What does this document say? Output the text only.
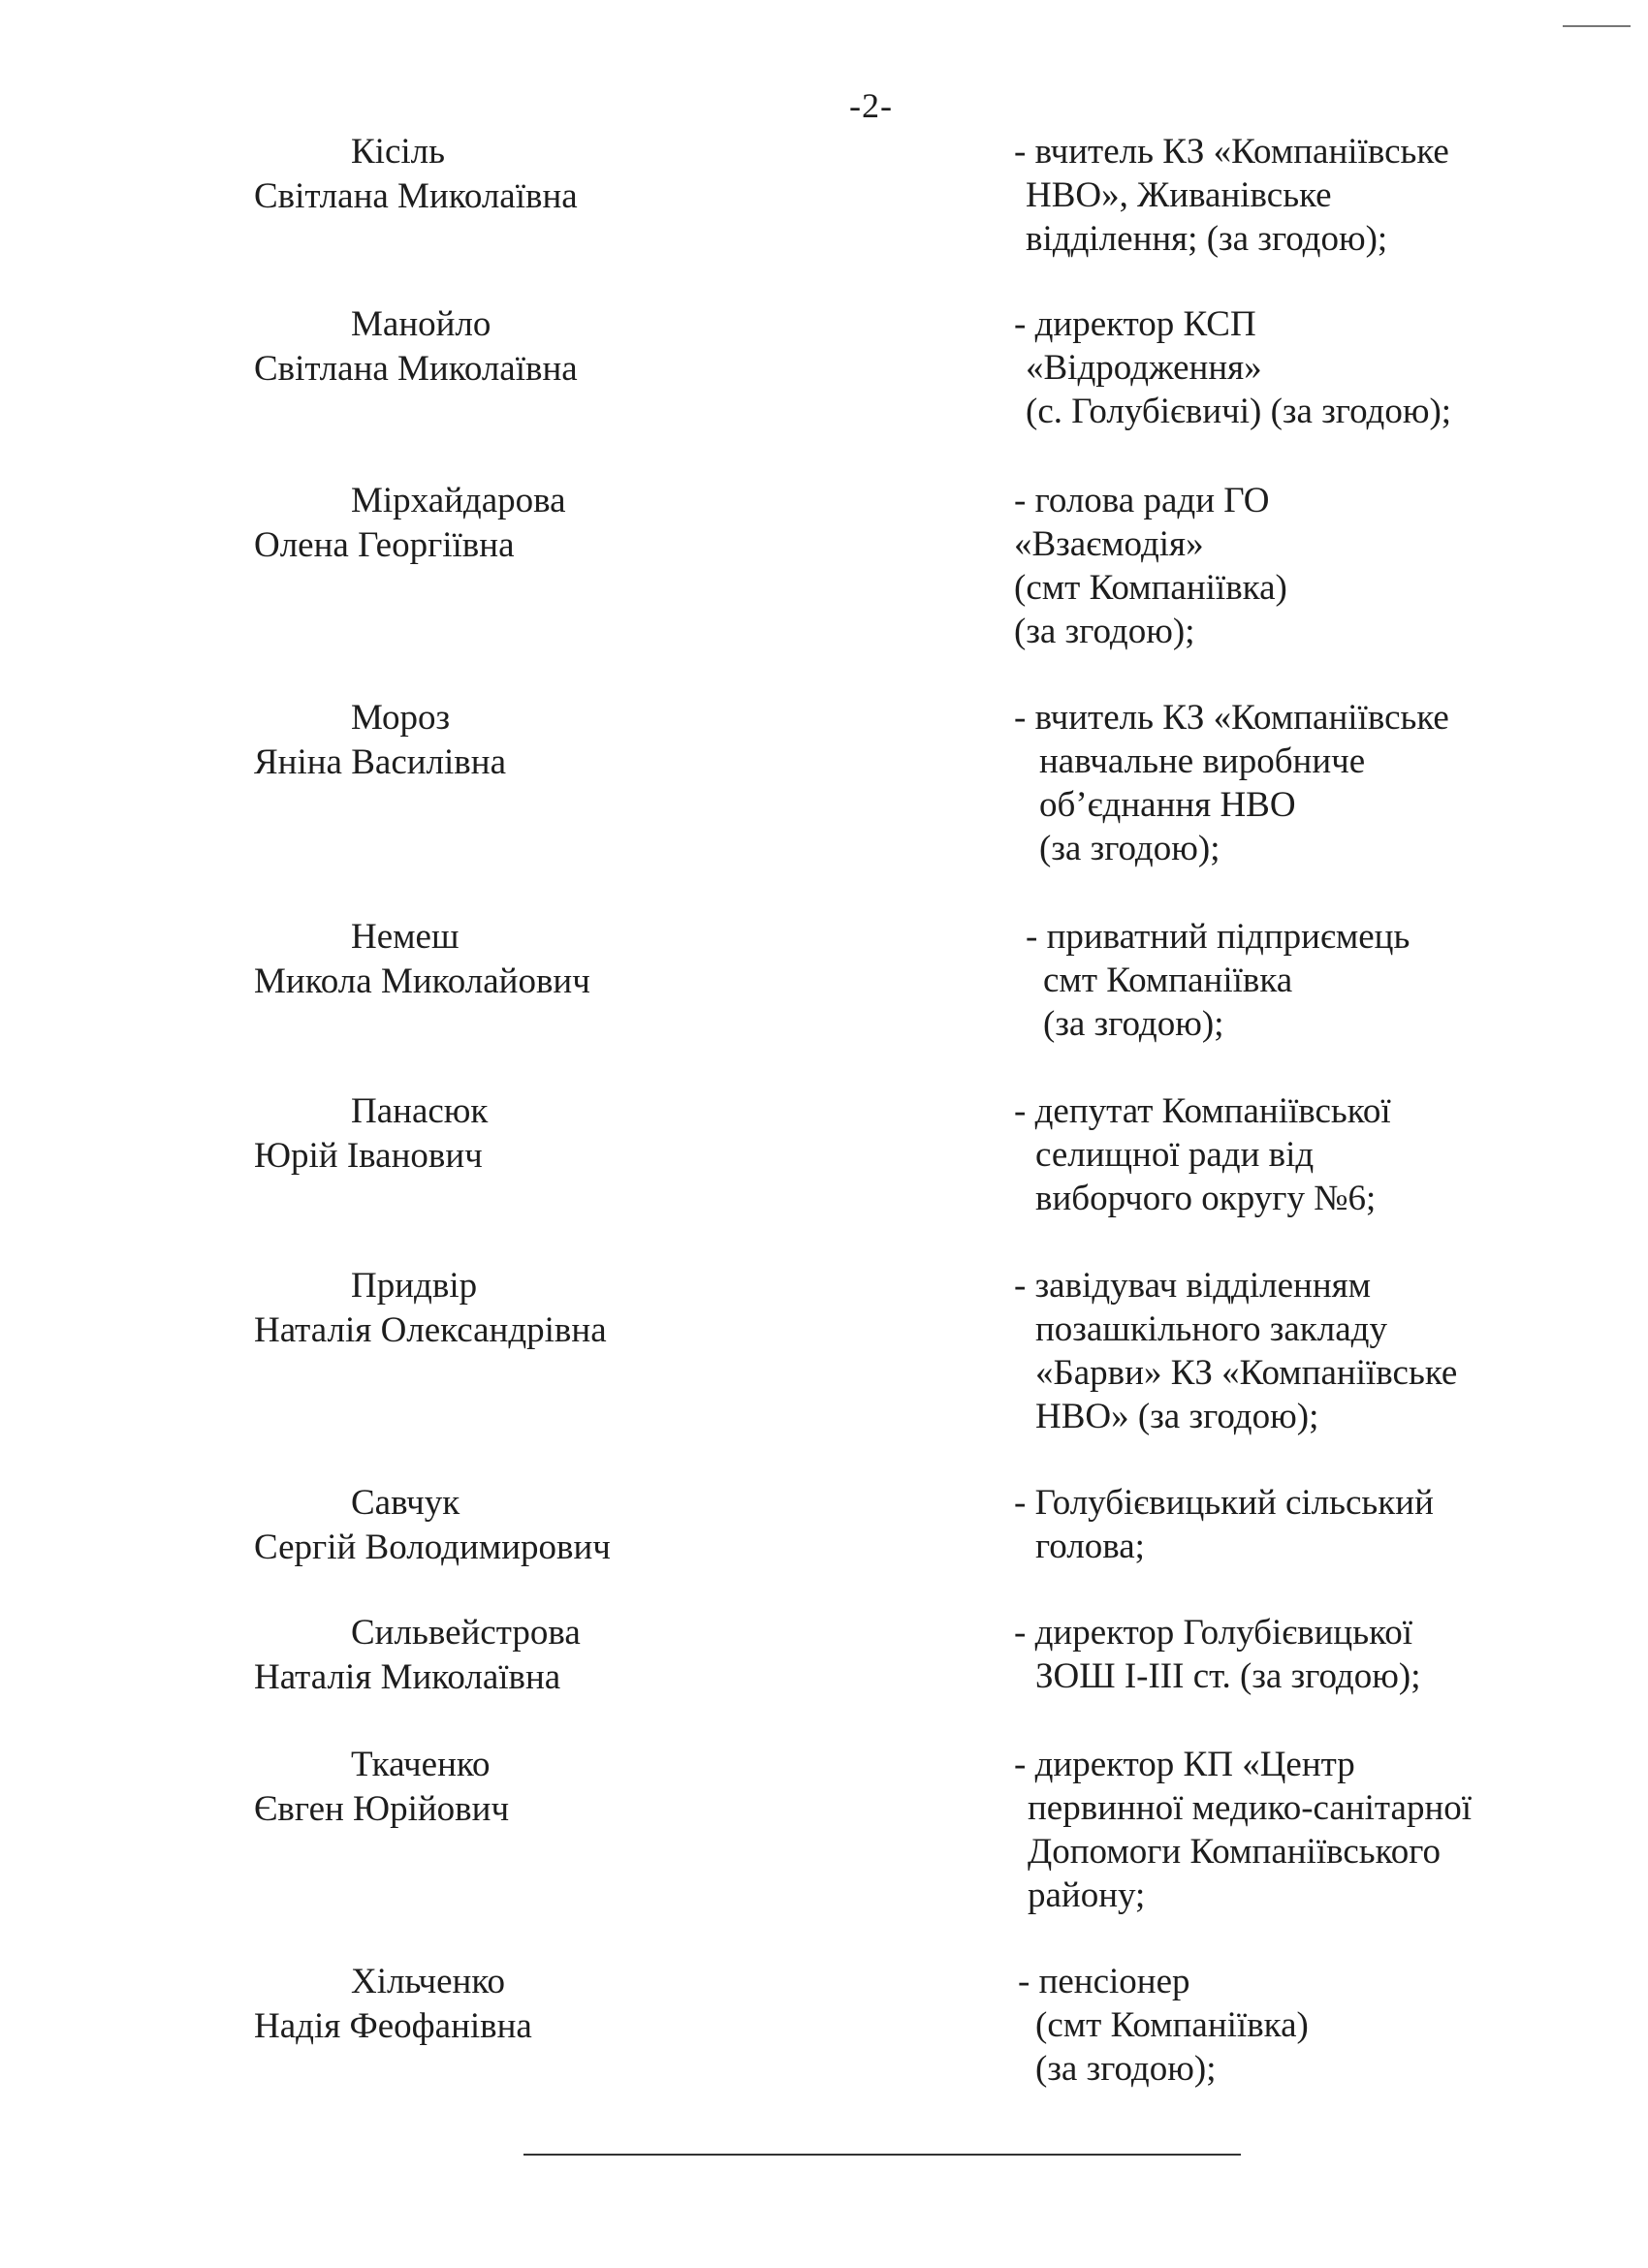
-2-
Кісіль
Світлана Миколаївна
- вчитель КЗ «Компаніївське
НВО», Живанівське
відділення; (за згодою);
Манойло
Світлана Миколаївна
- директор КСП
«Відродження»
(с. Голубієвичі) (за згодою);
Мірхайдарова
Олена Георгіївна
- голова ради ГО
«Взаємодія»
(смт Компаніївка)
(за згодою);
Мороз
Яніна Василівна
- вчитель КЗ «Компаніївське
навчальне виробниче
об’єднання НВО
(за згодою);
Немеш
Микола Миколайович
- приватний підприємець
смт Компаніївка
(за згодою);
Панасюк
Юрій Іванович
- депутат Компаніївської
селищної ради від
виборчого округу №6;
Придвір
Наталія Олександрівна
- завідувач відділенням
позашкільного закладу
«Барви» КЗ «Компаніївське
НВО» (за згодою);
Савчук
Сергій Володимирович
- Голубієвицький сільський
голова;
Сильвейстрова
Наталія Миколаївна
- директор Голубієвицької
ЗОШ І-ІІІ ст. (за згодою);
Ткаченко
Євген Юрійович
- директор КП «Центр
первинної медико-санітарної
Допомоги Компаніївського
району;
Хільченко
Надія Феофанівна
- пенсіонер
(смт Компаніївка)
(за згодою);
